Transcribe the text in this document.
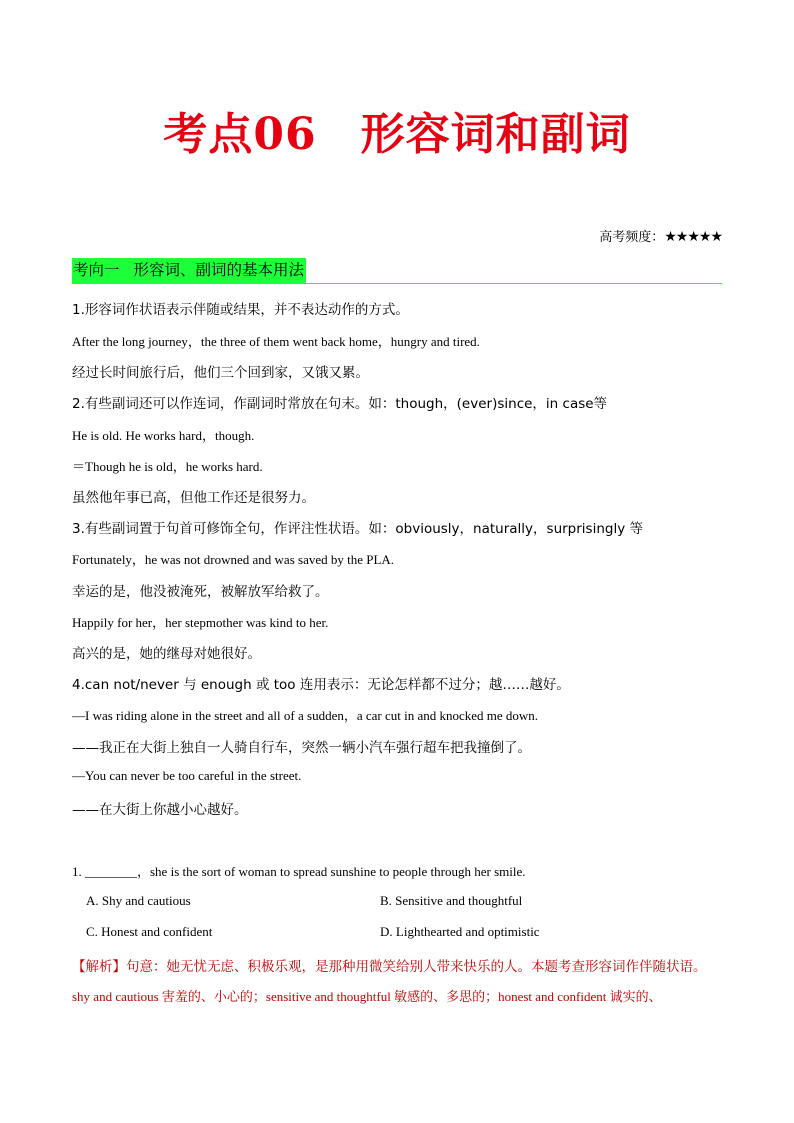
考点06 形容词和副词
高考频度：★★★★★
考向一 形容词、副词的基本用法
1.形容词作状语表示伴随或结果，并不表达动作的方式。
After the long journey，the three of them went back home，hungry and tired.
经过长时间旅行后，他们三个回到家，又饿又累。
2.有些副词还可以作连词，作副词时常放在句末。如：though，(ever)since，in case等
He is old. He works hard，though.
＝Though he is old，he works hard.
虽然他年事已高，但他工作还是很努力。
3.有些副词置于句首可修饰全句，作评注性状语。如：obviously，naturally，surprisingly 等
Fortunately，he was not drowned and was saved by the PLA.
幸运的是，他没被淹死，被解放军给救了。
Happily for her，her stepmother was kind to her.
高兴的是，她的继母对她很好。
4.can not/never 与 enough 或 too 连用表示：无论怎样都不过分；越……越好。
—I was riding alone in the street and all of a sudden，a car cut in and knocked me down.
——我正在大街上独自一人骑自行车，突然一辆小汽车强行超车把我撞倒了。
—You can never be too careful in the street.
——在大街上你越小心越好。
1. ________，she is the sort of woman to spread sunshine to people through her smile.
A. Shy and cautious	B. Sensitive and thoughtful
C. Honest and confident	D. Lighthearted and optimistic
【解析】句意：她无忧无虑、积极乐观，是那种用微笑给别人带来快乐的人。本题考查形容词作伴随状语。
shy and cautious 害羞的、小心的；sensitive and thoughtful 敏感的、多思的；honest and confident 诚实的、
